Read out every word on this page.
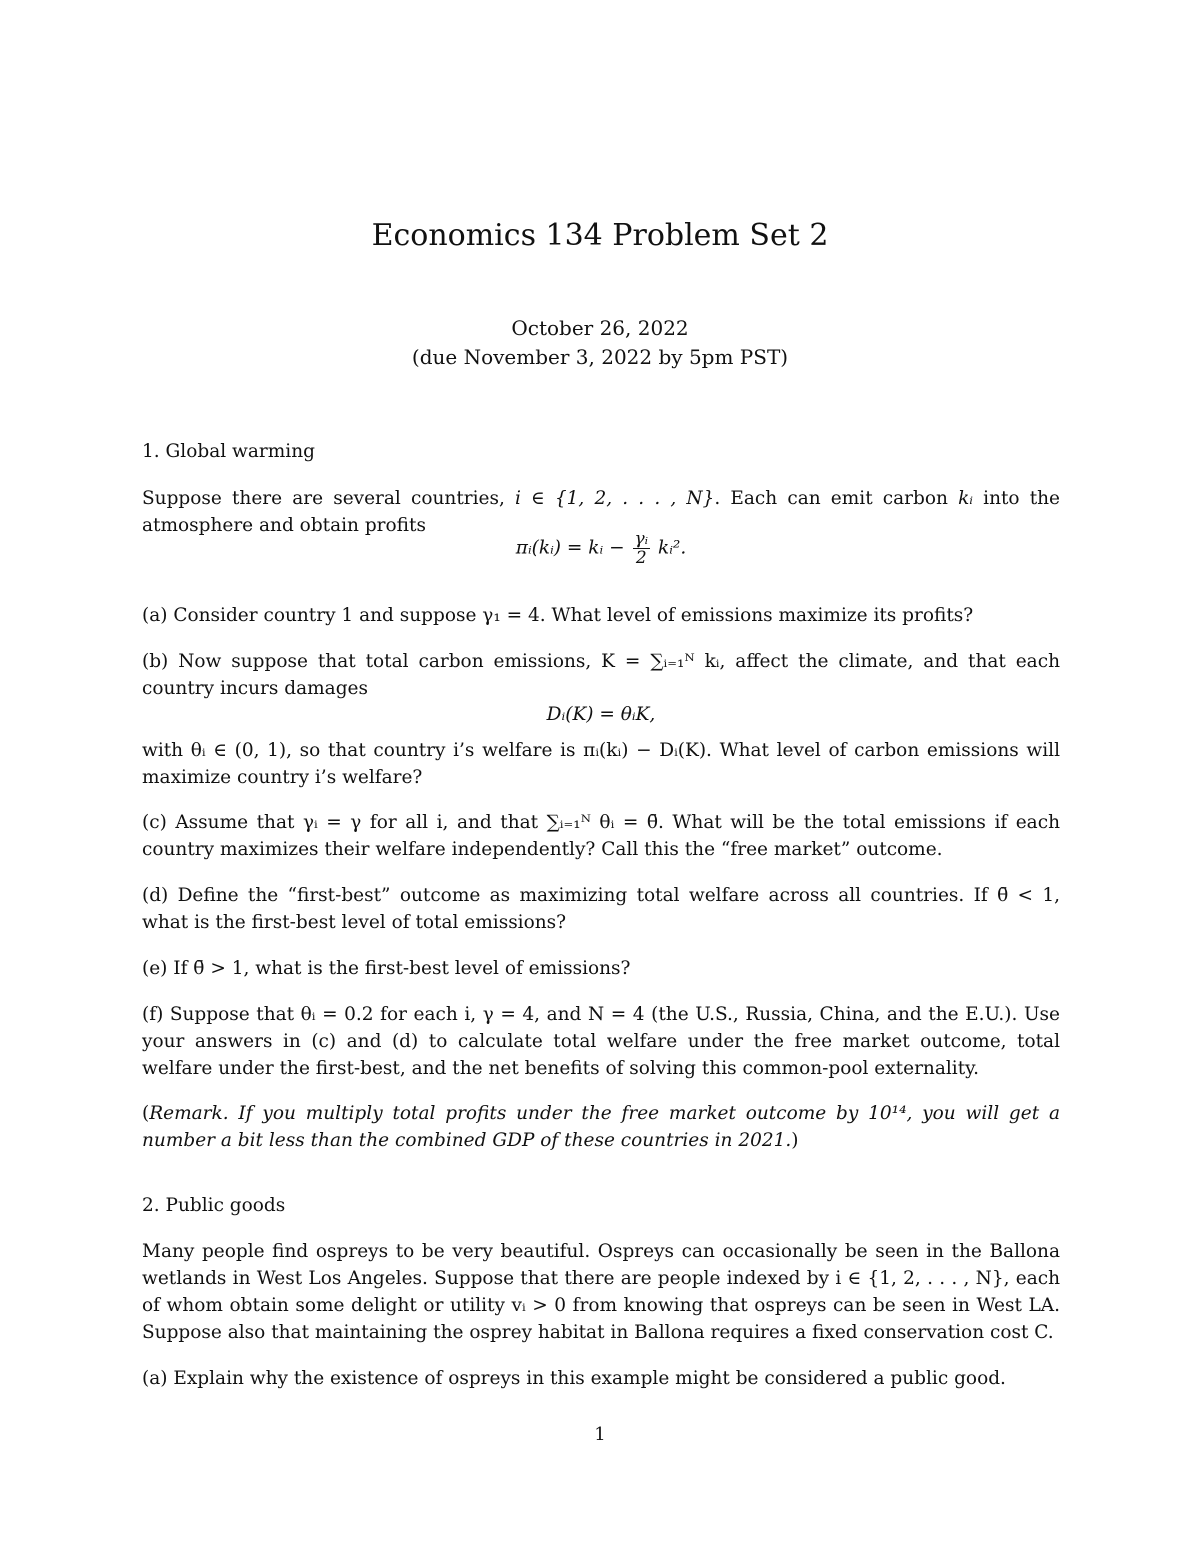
Economics 134 Problem Set 2
October 26, 2022
(due November 3, 2022 by 5pm PST)

1. Global warming

Suppose there are several countries, i ∈ {1, 2, . . . , N}. Each can emit carbon kᵢ into the atmosphere and obtain profits

πᵢ(kᵢ) = kᵢ − $\frac{\text{γᵢ}}{2}$ kᵢ².

(a) Consider country 1 and suppose γ₁ = 4. What level of emissions maximize its profits?

(b) Now suppose that total carbon emissions, K = ∑ᵢ₌₁ᴺ kᵢ, affect the climate, and that each country incurs damages

Dᵢ(K) = θᵢK,

with θᵢ ∈ (0, 1), so that country i’s welfare is πᵢ(kᵢ) − Dᵢ(K). What level of carbon emissions will maximize country i’s welfare?

(c) Assume that γᵢ = γ for all i, and that ∑ᵢ₌₁ᴺ θᵢ = θ̄. What will be the total emissions if each country maximizes their welfare independently? Call this the “free market” outcome.

(d) Define the “first-best” outcome as maximizing total welfare across all countries. If θ̄ < 1, what is the first-best level of total emissions?

(e) If θ̄ > 1, what is the first-best level of emissions?

(f) Suppose that θᵢ = 0.2 for each i, γ = 4, and N = 4 (the U.S., Russia, China, and the E.U.). Use your answers in (c) and (d) to calculate total welfare under the free market outcome, total welfare under the first-best, and the net benefits of solving this common-pool externality.

(Remark. If you multiply total profits under the free market outcome by 10¹⁴, you will get a number a bit less than the combined GDP of these countries in 2021.)

2. Public goods

Many people find ospreys to be very beautiful. Ospreys can occasionally be seen in the Ballona wetlands in West Los Angeles. Suppose that there are people indexed by i ∈ {1, 2, . . . , N}, each of whom obtain some delight or utility vᵢ > 0 from knowing that ospreys can be seen in West LA. Suppose also that maintaining the osprey habitat in Ballona requires a fixed conservation cost C.

(a) Explain why the existence of ospreys in this example might be considered a public good.

1
